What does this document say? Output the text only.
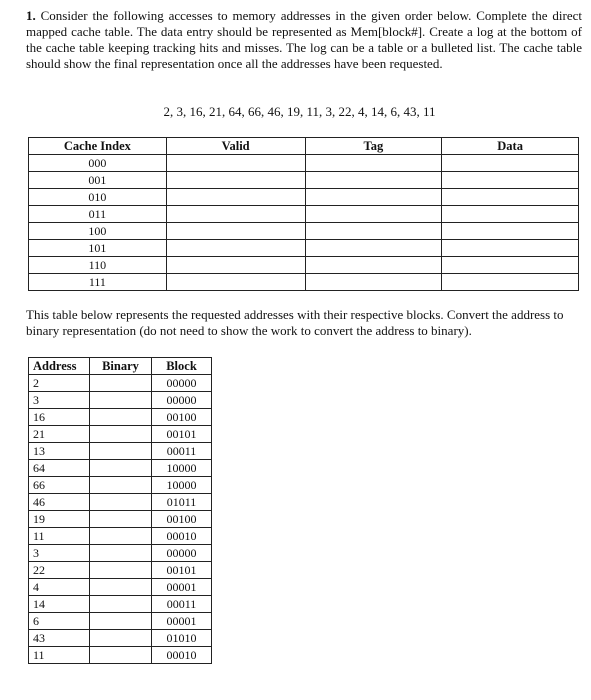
1. Consider the following accesses to memory addresses in the given order below. Complete the direct mapped cache table. The data entry should be represented as Mem[block#]. Create a log at the bottom of the cache table keeping tracking hits and misses. The log can be a table or a bulleted list. The cache table should show the final representation once all the addresses have been requested.
2, 3, 16, 21, 64, 66, 46, 19, 11, 3, 22, 4, 14, 6, 43, 11
Cache Index	Valid	Tag	Data
000			
001			
010			
011			
100			
101			
110			
111			
This table below represents the requested addresses with their respective blocks. Convert the address to binary representation (do not need to show the work to convert the address to binary).
Address	Binary	Block
2		00000
3		00000
16		00100
21		00101
13		00011
64		10000
66		10000
46		01011
19		00100
11		00010
3		00000
22		00101
4		00001
14		00011
6		00001
43		01010
11		00010
